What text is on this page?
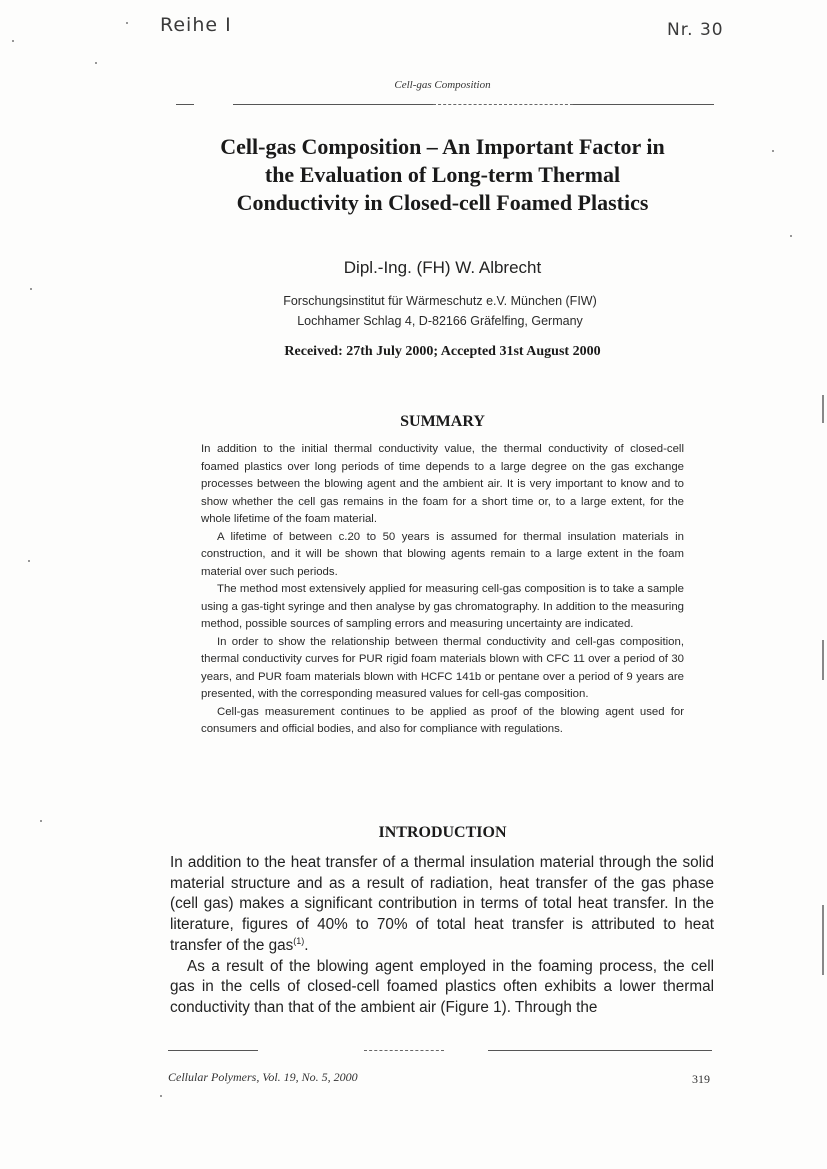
Reihe I	Nr. 30
Cell-gas Composition
Cell-gas Composition – An Important Factor in
the Evaluation of Long-term Thermal
Conductivity in Closed-cell Foamed Plastics
Dipl.-Ing. (FH) W. Albrecht
Forschungsinstitut für Wärmeschutz e.V. München (FIW)
Lochhamer Schlag 4, D-82166 Gräfelfing, Germany
Received: 27th July 2000; Accepted 31st August 2000
SUMMARY

In addition to the initial thermal conductivity value, the thermal conductivity of closed-cell foamed plastics over long periods of time depends to a large degree on the gas exchange processes between the blowing agent and the ambient air. It is very important to know and to show whether the cell gas remains in the foam for a short time or, to a large extent, for the whole lifetime of the foam material.

A lifetime of between c.20 to 50 years is assumed for thermal insulation materials in construction, and it will be shown that blowing agents remain to a large extent in the foam material over such periods.

The method most extensively applied for measuring cell-gas composition is to take a sample using a gas-tight syringe and then analyse by gas chromatography. In addition to the measuring method, possible sources of sampling errors and measuring uncertainty are indicated.

In order to show the relationship between thermal conductivity and cell-gas composition, thermal conductivity curves for PUR rigid foam materials blown with CFC 11 over a period of 30 years, and PUR foam materials blown with HCFC 141b or pentane over a period of 9 years are presented, with the corresponding measured values for cell-gas composition.

Cell-gas measurement continues to be applied as proof of the blowing agent used for consumers and official bodies, and also for compliance with regulations.

INTRODUCTION

In addition to the heat transfer of a thermal insulation material through the solid material structure and as a result of radiation, heat transfer of the gas phase (cell gas) makes a significant contribution in terms of total heat transfer. In the literature, figures of 40% to 70% of total heat transfer is attributed to heat transfer of the gas$^{(1)}$.

As a result of the blowing agent employed in the foaming process, the cell gas in the cells of closed-cell foamed plastics often exhibits a lower thermal conductivity than that of the ambient air (Figure 1). Through the

Cellular Polymers, Vol. 19, No. 5, 2000	319
